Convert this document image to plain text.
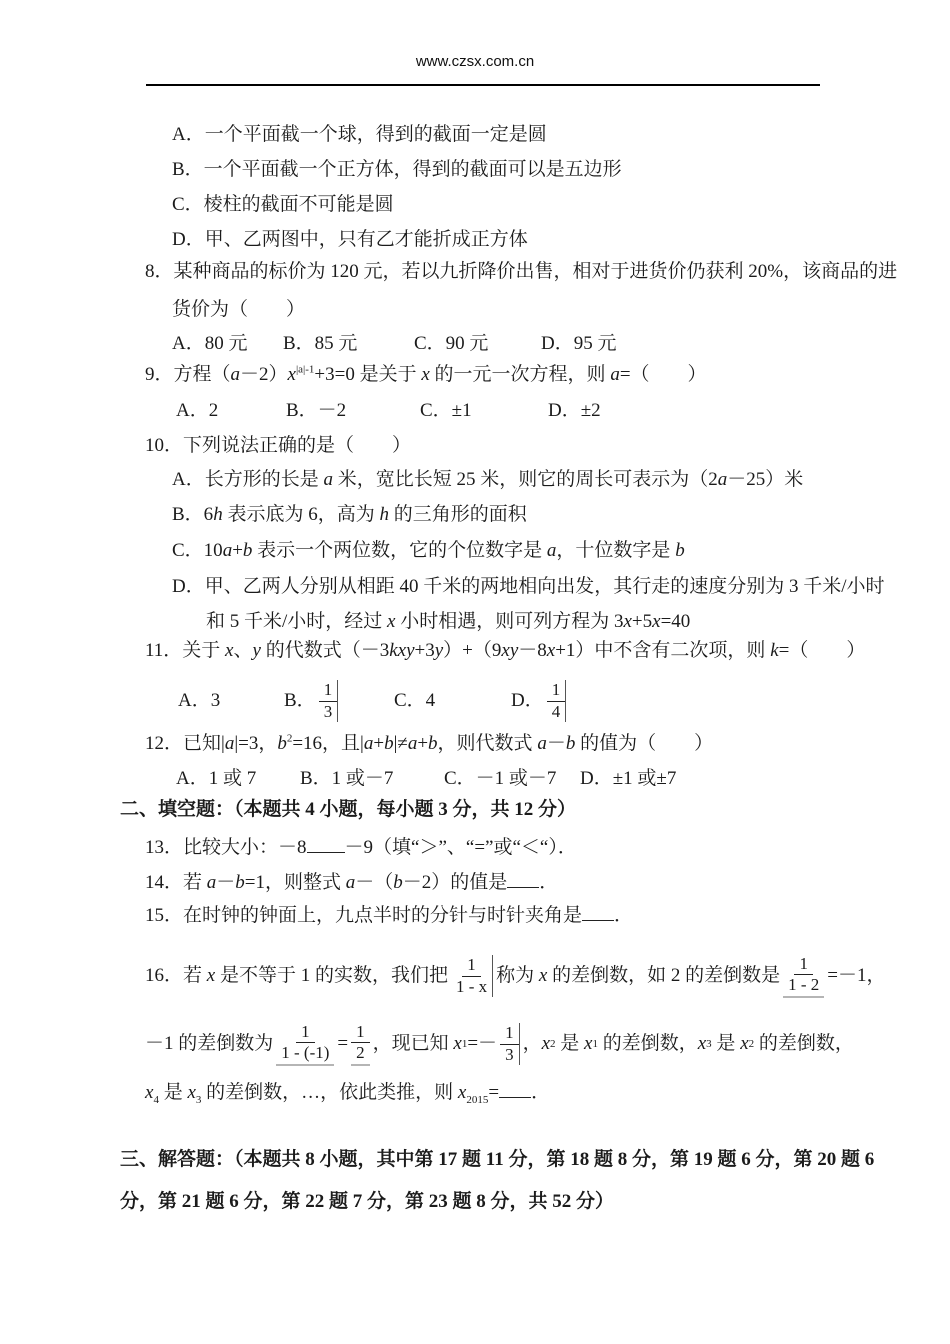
www.czsx.com.cn
A．一个平面截一个球，得到的截面一定是圆
B．一个平面截一个正方体，得到的截面可以是五边形
C．棱柱的截面不可能是圆
D．甲、乙两图中，只有乙才能折成正方体
8．某种商品的标价为 120 元，若以九折降价出售，相对于进货价仍获利 20%，该商品的进
货价为（　　）
A．80 元 B．85 元	C．90 元	D．95 元
9．方程$(a-2)x^{|a|-1}+3=0$ 是关于 x 的一元一次方程，则 a=（　　）
A．2	B．－2	C．±1	D．±2
10．下列说法正确的是（　　）
A．长方形的长是 a 米，宽比长短 25 米，则它的周长可表示为（2a－25）米
B．6h 表示底为 6，高为 h 的三角形的面积
C．10a+b 表示一个两位数，它的个位数字是 a，十位数字是 b
D．甲、乙两人分别从相距 40 千米的两地相向出发，其行走的速度分别为 3 千米/小时
和 5 千米/小时，经过 x 小时相遇，则可列方程为 3x+5x=40
11．关于 x、y 的代数式（－3kxy+3y）+（9xy－8x+1）中不含有二次项，则 k=（　　）
A．3	B． $\frac{1}{3}$	C．4	D． $\frac{1}{4}$
12．已知|a|=3，$b^2=16$，且|a+b|≠a+b，则代数式 a－b 的值为（　　）
A．1 或 7 B．1 或－7	C．－1 或－7 D．±1 或±7
二、填空题：（本题共 4 小题，每小题 3 分，共 12 分）
13．比较大小：－8 －9（填“＞”、“=”或“＜“）．
14．若 a－b=1，则整式 a－（b－2）的值是 ．
15．在时钟的钟面上，九点半时的分针与时针夹角是 ．
16．若 x 是不等于 1 的实数，我们把 $\frac{1}{1 - x}$ 称为 x 的差倒数，如 2 的差倒数是 $\frac{1}{1 - 2} =-1$，
－1 的差倒数为 $\frac{1}{1 - (-1)} = \frac{1}{2}$ ，现已知 x $1 =- \frac{1}{3}$ ， x 2 是 x 1 的差倒数， x 3 是 x 2 的差倒数，
$x_4$ 是 $x_3$ 的差倒数，…，依此类推，则 $x_{2015}=$ ．
三、解答题：（本题共 8 小题，其中第 17 题 11 分，第 18 题 8 分，第 19 题 6 分，第 20 题 6
分，第 21 题 6 分，第 22 题 7 分，第 23 题 8 分，共 52 分）
